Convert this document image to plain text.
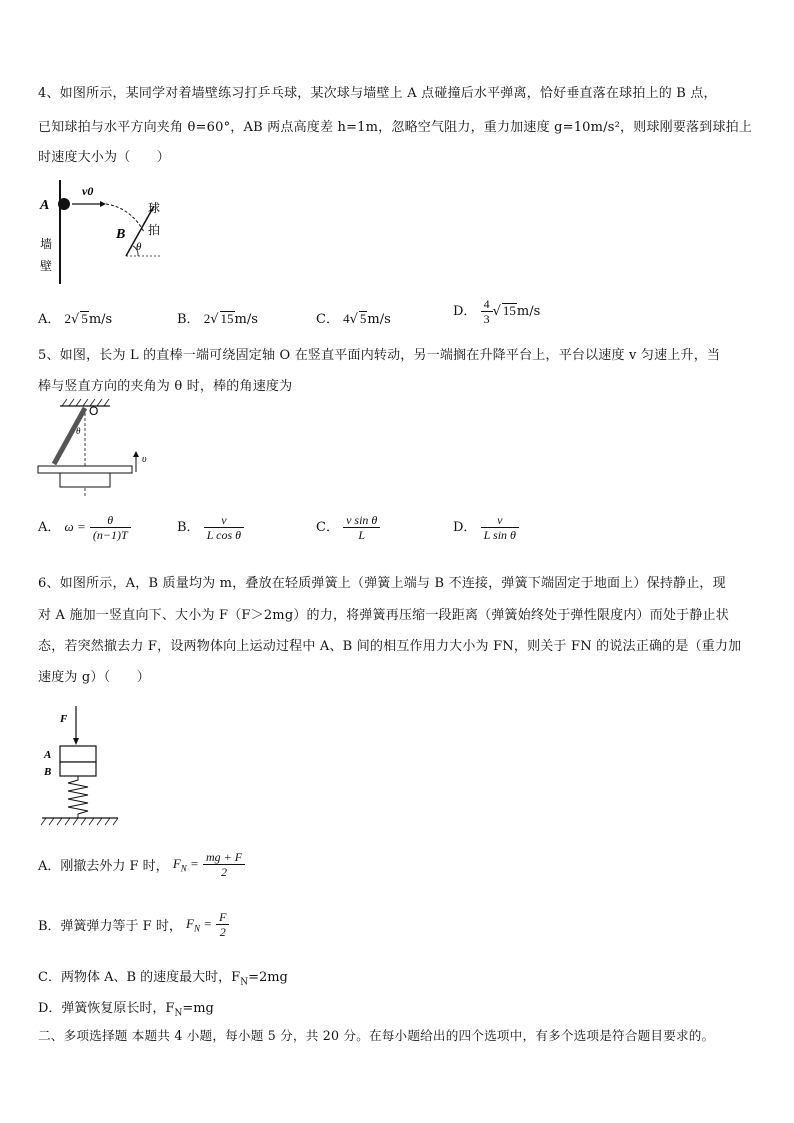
4、如图所示，某同学对着墙壁练习打乒乓球，某次球与墙壁上 A 点碰撞后水平弹离，恰好垂直落在球拍上的 B 点，
已知球拍与水平方向夹角 θ=60°，AB 两点高度差 h=1m，忽略空气阻力，重力加速度 g=10m/s²，则球刚要落到球拍上
时速度大小为（　　）
A
v0
B
θ
墙
壁
球
拍
A． 2√ 5m/s	B． 2√ 15m/s	C． 4√ 5m/s
D． $\frac{4}{3}$ √ 15m/s
5、如图，长为 L 的直棒一端可绕固定轴 O 在竖直平面内转动，另一端搁在升降平台上，平台以速度 v 匀速上升，当
棒与竖直方向的夹角为 θ 时，棒的角速度为
O
θ
υ
A． $\omega = \frac{\theta}{(n-1)T}$	B． $\frac{v}{\text{L cos θ}}$	C． $\frac{\text{v sin θ}}{L}$	D． $\frac{v}{\text{L sin θ}}$
6、如图所示，A，B 质量均为 m，叠放在轻质弹簧上（弹簧上端与 B 不连接，弹簧下端固定于地面上）保持静止，现
对 A 施加一竖直向下、大小为 F（F＞2mg）的力，将弹簧再压缩一段距离（弹簧始终处于弹性限度内）而处于静止状
态，若突然撤去力 F，设两物体向上运动过程中 A、B 间的相互作用力大小为 FN，则关于 FN 的说法正确的是（重力加
速度为 g）（　　）
F
A
B
A．刚撤去外力 F 时， $F_N = \frac{mg + F}{2}$
B．弹簧弹力等于 F 时， $F_N = \frac{F}{2}$
C．两物体 A、B 的速度最大时，$F_N=2mg$
D．弹簧恢复原长时，$F_N=mg$
二、多项选择题 本题共 4 小题，每小题 5 分，共 20 分。在每小题给出的四个选项中，有多个选项是符合题目要求的。
